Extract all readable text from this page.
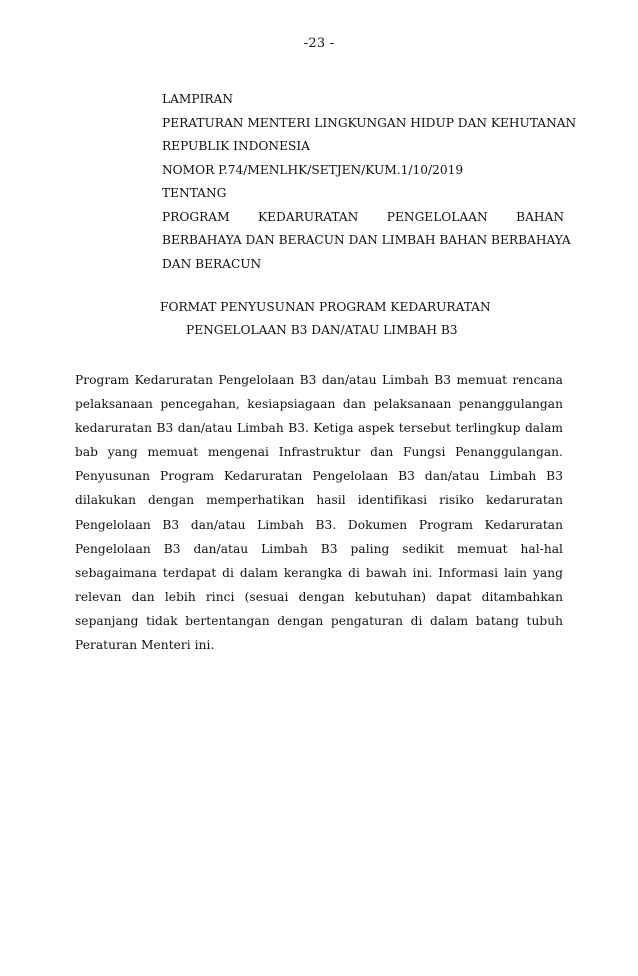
-23 -
LAMPIRAN
PERATURAN MENTERI LINGKUNGAN HIDUP DAN KEHUTANAN
REPUBLIK INDONESIA
NOMOR P.74/MENLHK/SETJEN/KUM.1/10/2019
TENTANG
PROGRAM KEDARURATAN PENGELOLAAN BAHAN
BERBAHAYA DAN BERACUN DAN LIMBAH BAHAN BERBAHAYA
DAN BERACUN
FORMAT PENYUSUNAN PROGRAM KEDARURATAN
PENGELOLAAN B3 DAN/ATAU LIMBAH B3

Program Kedaruratan Pengelolaan B3 dan/atau Limbah B3 memuat rencana pelaksanaan pencegahan, kesiapsiagaan dan pelaksanaan penanggulangan kedaruratan B3 dan/atau Limbah B3. Ketiga aspek tersebut terlingkup dalam bab yang memuat mengenai Infrastruktur dan Fungsi Penanggulangan. Penyusunan Program Kedaruratan Pengelolaan B3 dan/atau Limbah B3 dilakukan dengan memperhatikan hasil identifikasi risiko kedaruratan Pengelolaan B3 dan/atau Limbah B3. Dokumen Program Kedaruratan Pengelolaan B3 dan/atau Limbah B3 paling sedikit memuat hal-hal sebagaimana terdapat di dalam kerangka di bawah ini. Informasi lain yang relevan dan lebih rinci (sesuai dengan kebutuhan) dapat ditambahkan sepanjang tidak bertentangan dengan pengaturan di dalam batang tubuh Peraturan Menteri ini.
